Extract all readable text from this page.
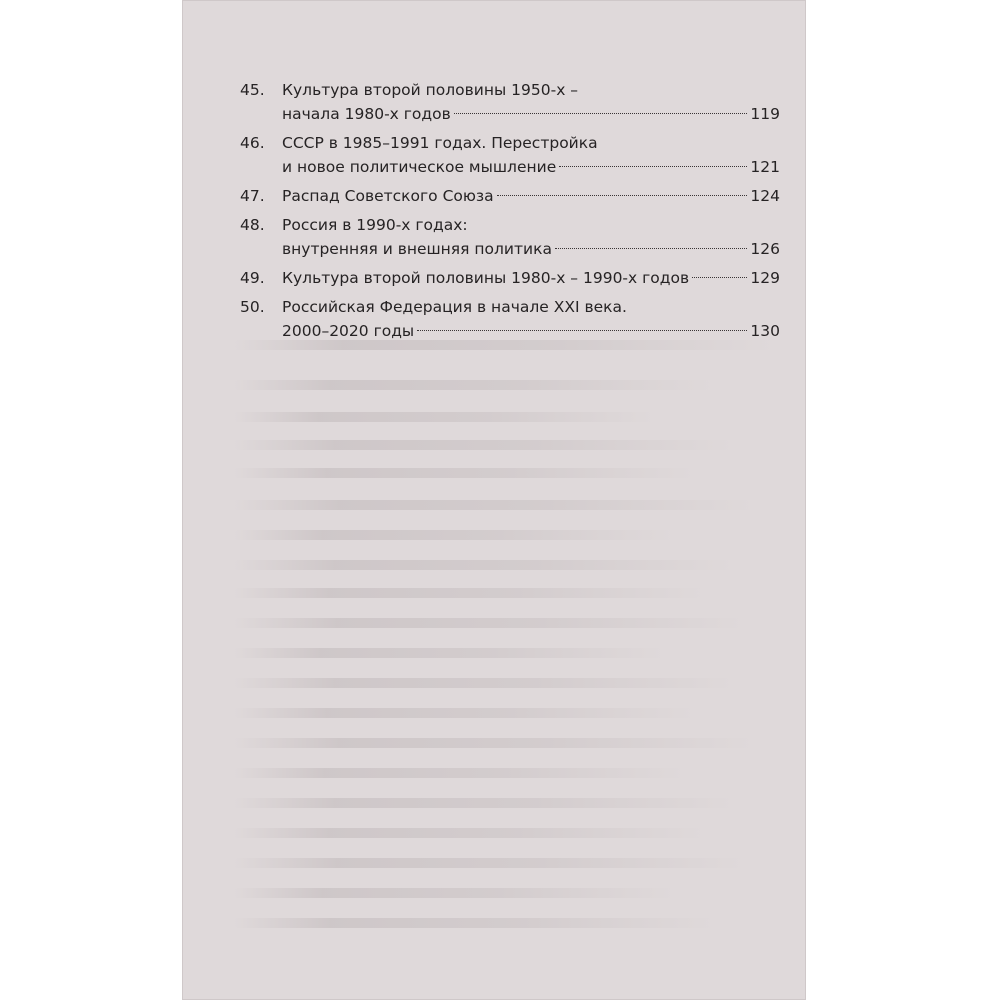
45.	Культура второй половины 1950-х –
начала 1980-х годов	119
46.	СССР в 1985–1991 годах. Перестройка
и новое политическое мышление	121
47.	Распад Советского Союза	124
48.	Россия в 1990-х годах:
внутренняя и внешняя политика	126
49.	Культура второй половины 1980-х – 1990-х годов	129
50.	Российская Федерация в начале XXI века.
2000–2020 годы	130
